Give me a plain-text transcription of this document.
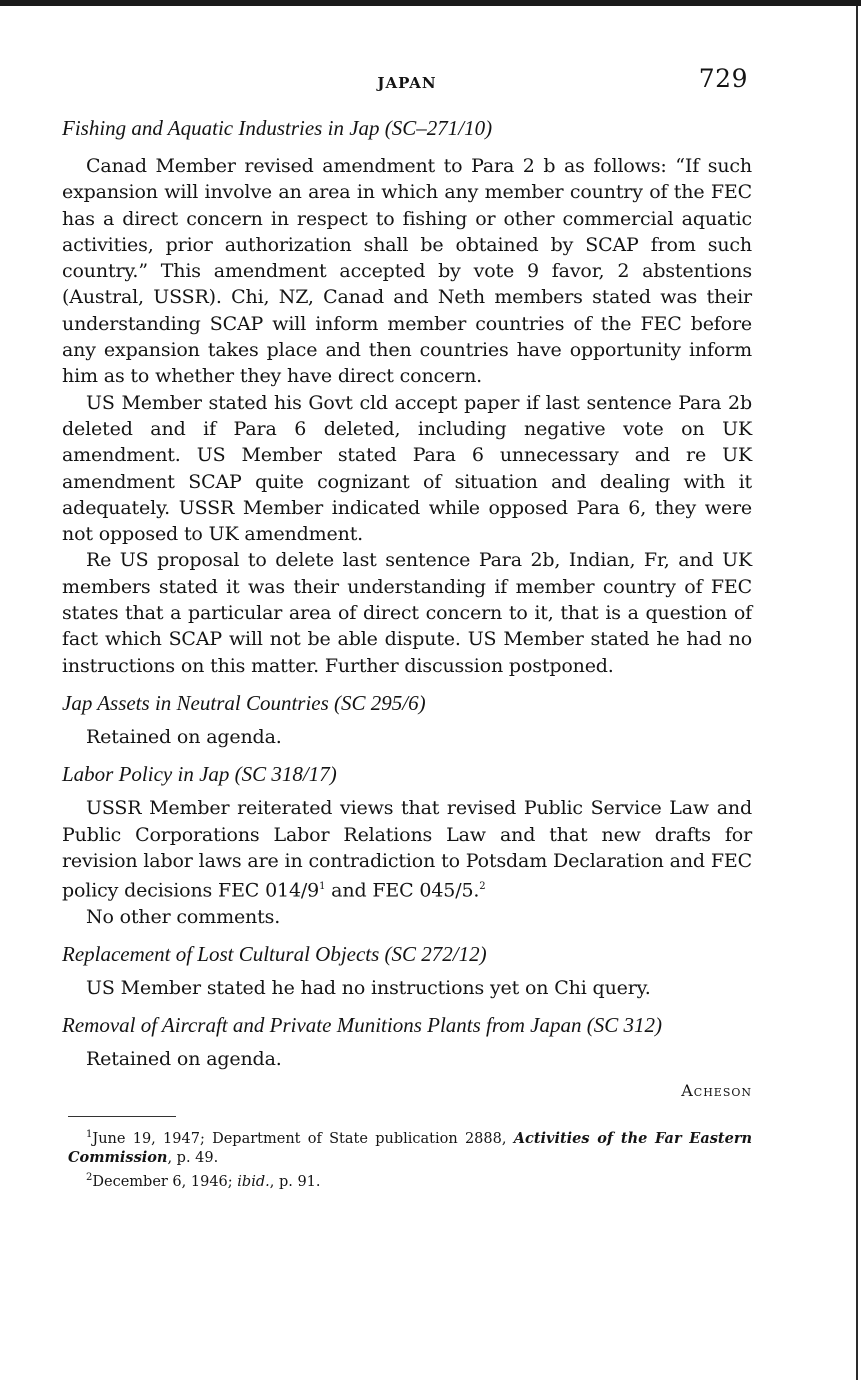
JAPAN	729
Fishing and Aquatic Industries in Jap (SC–271/10)

Canad Member revised amendment to Para 2 b as follows: “If such expansion will involve an area in which any member country of the FEC has a direct concern in respect to fishing or other commercial aquatic activities, prior authorization shall be obtained by SCAP from such country.” This amendment accepted by vote 9 favor, 2 abstentions (Austral, USSR). Chi, NZ, Canad and Neth members stated was their understanding SCAP will inform member countries of the FEC before any expansion takes place and then countries have opportunity inform him as to whether they have direct concern.

US Member stated his Govt cld accept paper if last sentence Para 2b deleted and if Para 6 deleted, including negative vote on UK amendment. US Member stated Para 6 unnecessary and re UK amendment SCAP quite cognizant of situation and dealing with it adequately. USSR Member indicated while opposed Para 6, they were not opposed to UK amendment.

Re US proposal to delete last sentence Para 2b, Indian, Fr, and UK members stated it was their understanding if member country of FEC states that a particular area of direct concern to it, that is a question of fact which SCAP will not be able dispute. US Member stated he had no instructions on this matter. Further discussion postponed.

Jap Assets in Neutral Countries (SC 295/6)

Retained on agenda.

Labor Policy in Jap (SC 318/17)

USSR Member reiterated views that revised Public Service Law and Public Corporations Labor Relations Law and that new drafts for revision labor laws are in contradiction to Potsdam Declaration and FEC policy decisions FEC $014/9^1$ and FEC 045/5.$^2$

No other comments.

Replacement of Lost Cultural Objects (SC 272/12)

US Member stated he had no instructions yet on Chi query.

Removal of Aircraft and Private Munitions Plants from Japan (SC 312)

Retained on agenda.

Acheson

$^1$June 19, 1947; Department of State publication 2888, Activities of the Far Eastern Commission, p. 49.

$^2$December 6, 1946; ibid., p. 91.
